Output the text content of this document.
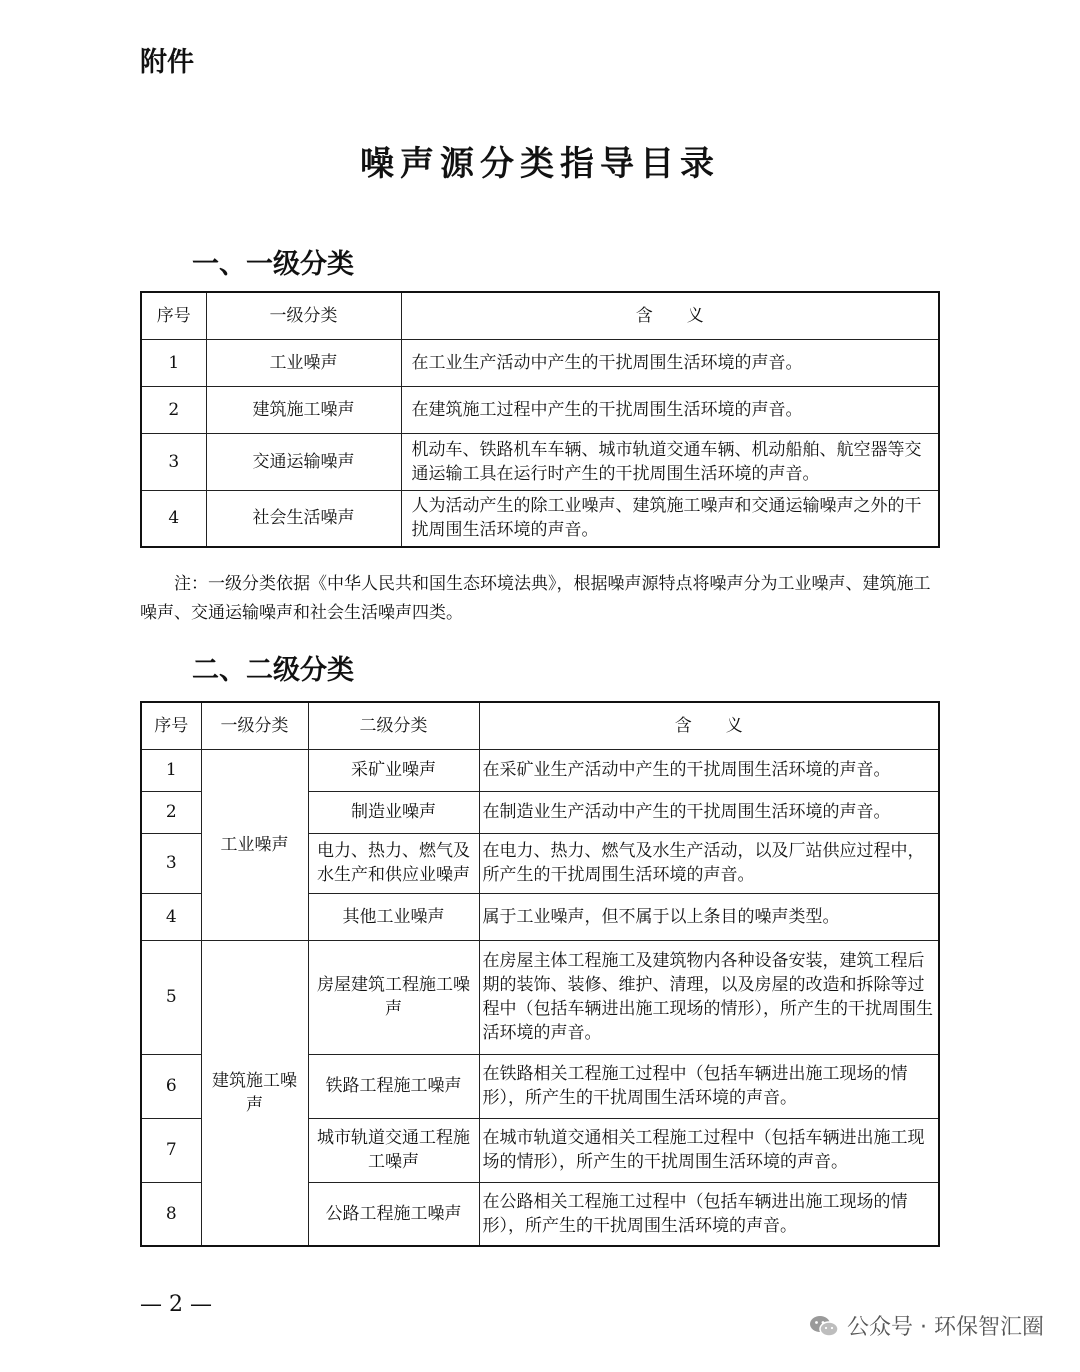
附件
噪声源分类指导目录
一、一级分类
序号	一级分类	含　　义
1	工业噪声	在工业生产活动中产生的干扰周围生活环境的声音。
2	建筑施工噪声	在建筑施工过程中产生的干扰周围生活环境的声音。
3	交通运输噪声	机动车、铁路机车车辆、城市轨道交通车辆、机动船舶、航空器等交通运输工具在运行时产生的干扰周围生活环境的声音。
4	社会生活噪声	人为活动产生的除工业噪声、建筑施工噪声和交通运输噪声之外的干扰周围生活环境的声音。
注：一级分类依据《中华人民共和国生态环境法典》，根据噪声源特点将噪声分为工业噪声、建筑施工噪声、交通运输噪声和社会生活噪声四类。
二、二级分类
序号	一级分类	二级分类	含　　义
1	工业噪声	采矿业噪声	在采矿业生产活动中产生的干扰周围生活环境的声音。
2		制造业噪声	在制造业生产活动中产生的干扰周围生活环境的声音。
3		电力、热力、燃气及水生产和供应业噪声	在电力、热力、燃气及水生产活动，以及厂站供应过程中，所产生的干扰周围生活环境的声音。
4		其他工业噪声	属于工业噪声，但不属于以上条目的噪声类型。
5	建筑施工噪声	房屋建筑工程施工噪声	在房屋主体工程施工及建筑物内各种设备安装，建筑工程后期的装饰、装修、维护、清理，以及房屋的改造和拆除等过程中（包括车辆进出施工现场的情形），所产生的干扰周围生活环境的声音。
6		铁路工程施工噪声	在铁路相关工程施工过程中（包括车辆进出施工现场的情形），所产生的干扰周围生活环境的声音。
7		城市轨道交通工程施工噪声	在城市轨道交通相关工程施工过程中（包括车辆进出施工现场的情形），所产生的干扰周围生活环境的声音。
8		公路工程施工噪声	在公路相关工程施工过程中（包括车辆进出施工现场的情形），所产生的干扰周围生活环境的声音。
— 2 —
公众号 · 环保智汇圈
